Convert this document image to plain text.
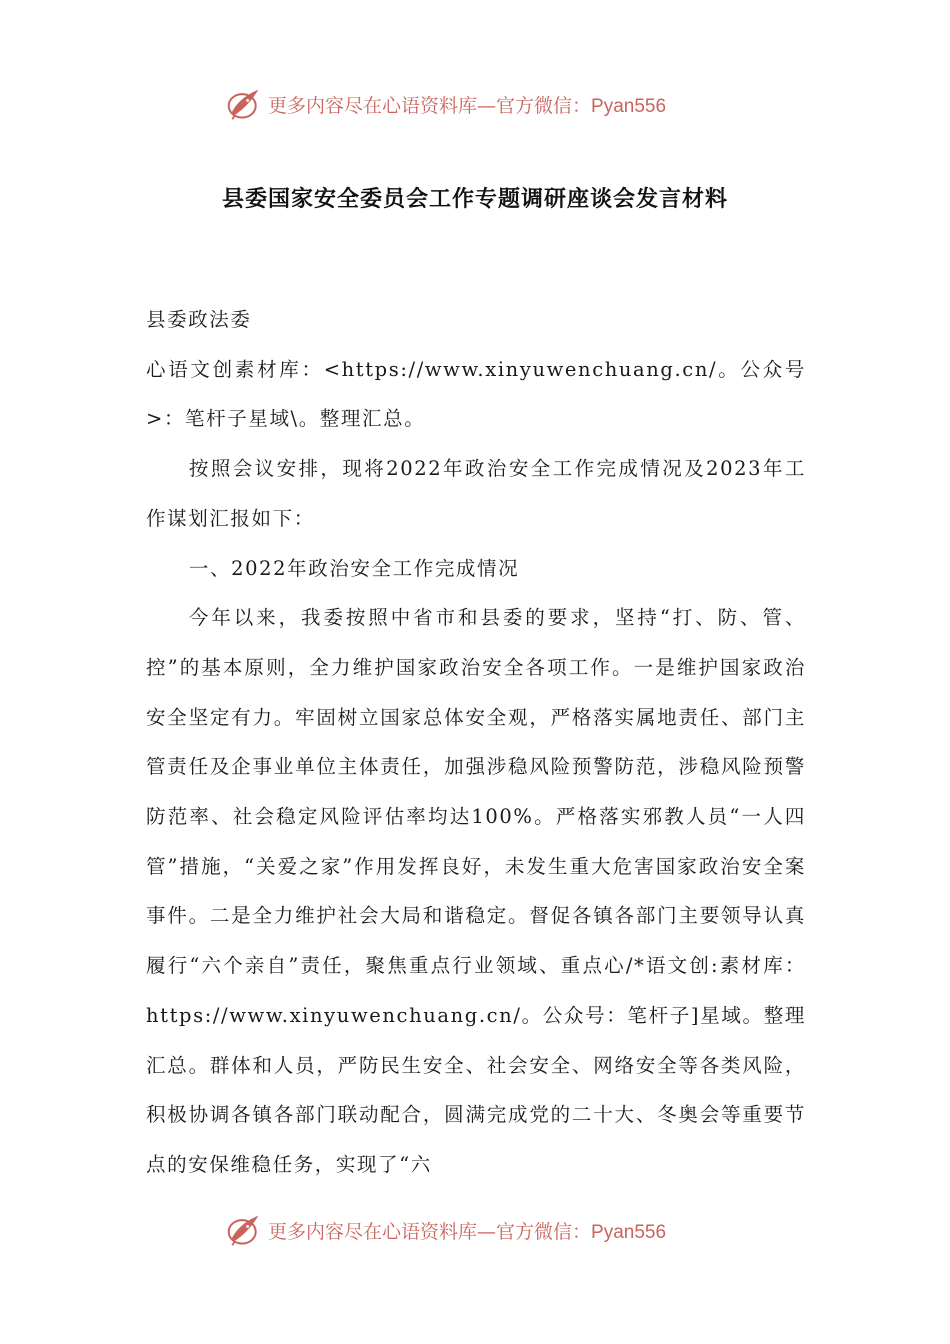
更多内容尽在心语资料库—官方微信：Pyan556
县委国家安全委员会工作专题调研座谈会发言材料

县委政法委

心语文创素材库：<https://www.xinyuwenchuang.cn/。公众号>：笔杆子星域\。整理汇总。

按照会议安排，现将2022年政治安全工作完成情况及2023年工作谋划汇报如下：

一、2022年政治安全工作完成情况

今年以来，我委按照中省市和县委的要求，坚持“打、防、管、控”的基本原则，全力维护国家政治安全各项工作。一是维护国家政治安全坚定有力。牢固树立国家总体安全观，严格落实属地责任、部门主管责任及企事业单位主体责任，加强涉稳风险预警防范，涉稳风险预警防范率、社会稳定风险评估率均达100%。严格落实邪教人员“一人四管”措施，“关爱之家”作用发挥良好，未发生重大危害国家政治安全案事件。二是全力维护社会大局和谐稳定。督促各镇各部门主要领导认真履行“六个亲自”责任，聚焦重点行业领域、重点心/*语文创:素材库：https://www.xinyuwenchuang.cn/。公众号：笔杆子]星域。整理汇总。群体和人员，严防民生安全、社会安全、网络安全等各类风险，积极协调各镇各部门联动配合，圆满完成党的二十大、冬奥会等重要节点的安保维稳任务，实现了“六

更多内容尽在心语资料库—官方微信：Pyan556
